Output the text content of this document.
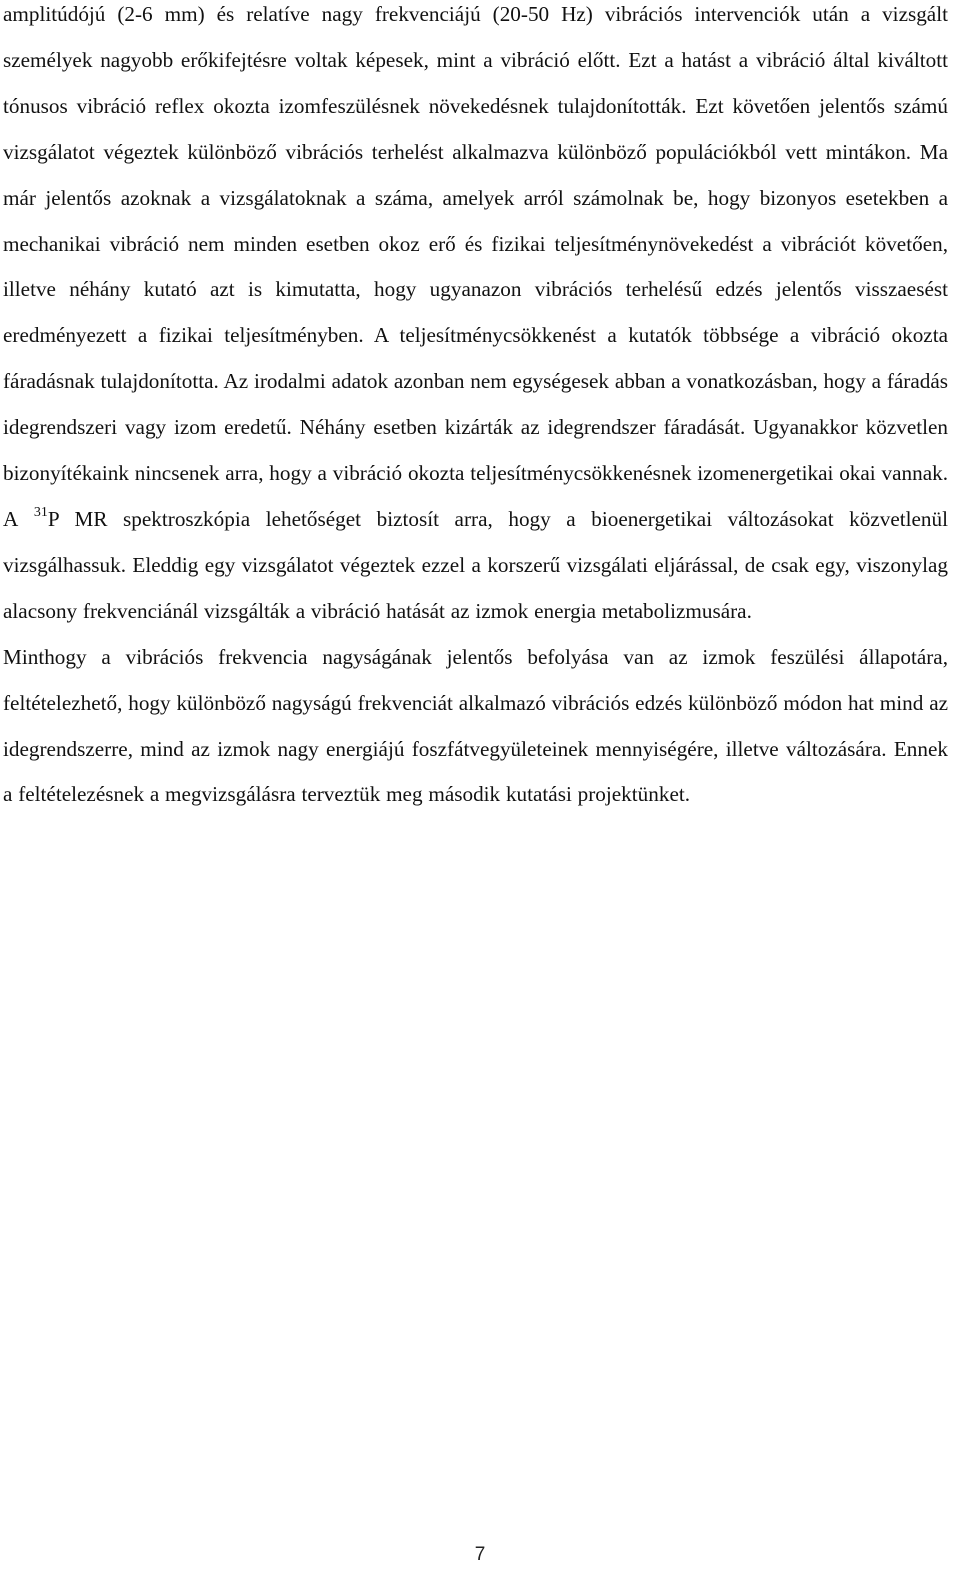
amplitúdójú (2-6 mm) és relatíve nagy frekvenciájú (20-50 Hz) vibrációs intervenciók után a vizsgált személyek nagyobb erőkifejtésre voltak képesek, mint a vibráció előtt. Ezt a hatást a vibráció által kiváltott tónusos vibráció reflex okozta izomfeszülésnek növekedésnek tulajdonították. Ezt követően jelentős számú vizsgálatot végeztek különböző vibrációs terhelést alkalmazva különböző populációkból vett mintákon. Ma már jelentős azoknak a vizsgálatoknak a száma, amelyek arról számolnak be, hogy bizonyos esetekben a mechanikai vibráció nem minden esetben okoz erő és fizikai teljesítménynövekedést a vibrációt követően, illetve néhány kutató azt is kimutatta, hogy ugyanazon vibrációs terhelésű edzés jelentős visszaesést eredményezett a fizikai teljesítményben. A teljesítménycsökkenést a kutatók többsége a vibráció okozta fáradásnak tulajdonította. Az irodalmi adatok azonban nem egységesek abban a vonatkozásban, hogy a fáradás idegrendszeri vagy izom eredetű. Néhány esetben kizárták az idegrendszer fáradását. Ugyanakkor közvetlen bizonyítékaink nincsenek arra, hogy a vibráció okozta teljesítménycsökkenésnek izomenergetikai okai vannak. A $^{31}$P MR spektroszkópia lehetőséget biztosít arra, hogy a bioenergetikai változásokat közvetlenül vizsgálhassuk. Eleddig egy vizsgálatot végeztek ezzel a korszerű vizsgálati eljárással, de csak egy, viszonylag alacsony frekvenciánál vizsgálták a vibráció hatását az izmok energia metabolizmusára.

Minthogy a vibrációs frekvencia nagyságának jelentős befolyása van az izmok feszülési állapotára, feltételezhető, hogy különböző nagyságú frekvenciát alkalmazó vibrációs edzés különböző módon hat mind az idegrendszerre, mind az izmok nagy energiájú foszfátvegyületeinek mennyiségére, illetve változására. Ennek a feltételezésnek a megvizsgálásra terveztük meg második kutatási projektünket.

7
